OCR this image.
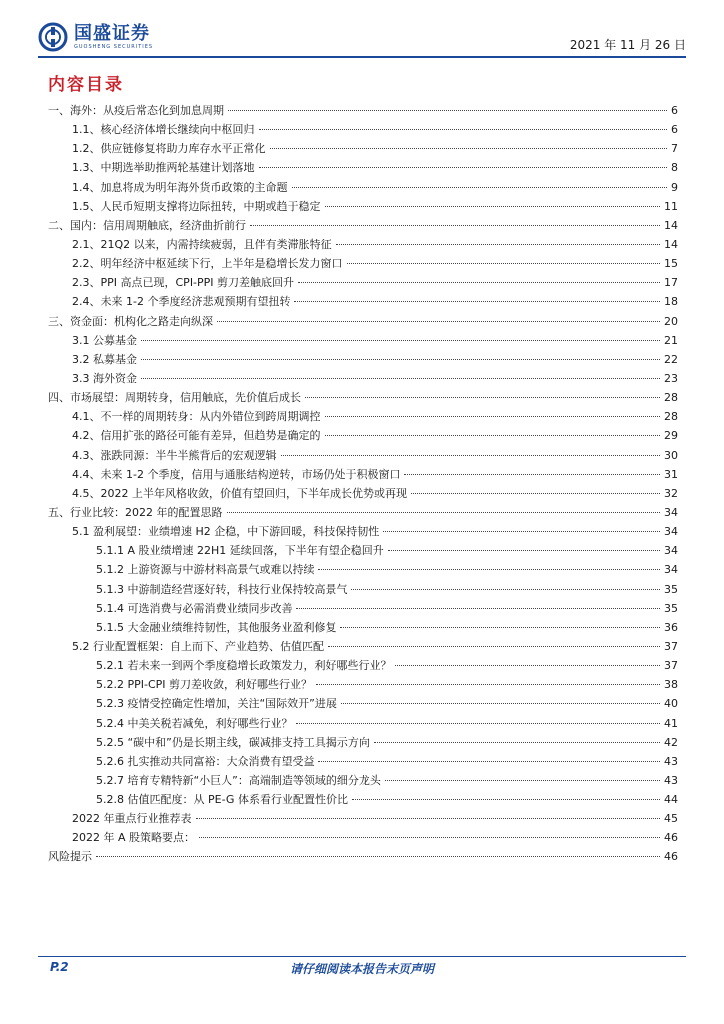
国盛证券
GUOSHENG SECURITIES	2021 年 11 月 26 日
内容目录
一、海外：从疫后常态化到加息周期	6
1.1、核心经济体增长继续向中枢回归	6
1.2、供应链修复将助力库存水平正常化	7
1.3、中期选举助推两轮基建计划落地	8
1.4、加息将成为明年海外货币政策的主命题	9
1.5、人民币短期支撑将边际扭转，中期或趋于稳定	11
二、国内：信用周期触底，经济曲折前行	14
2.1、21Q2 以来，内需持续疲弱，且伴有类滞胀特征	14
2.2、明年经济中枢延续下行，上半年是稳增长发力窗口	15
2.3、PPI 高点已现，CPI-PPI 剪刀差触底回升	17
2.4、未来 1-2 个季度经济悲观预期有望扭转	18
三、资金面：机构化之路走向纵深	20
3.1 公募基金	21
3.2 私募基金	22
3.3 海外资金	23
四、市场展望：周期转身，信用触底，先价值后成长	28
4.1、不一样的周期转身：从内外错位到跨周期调控	28
4.2、信用扩张的路径可能有差异，但趋势是确定的	29
4.3、涨跌同源：半牛半熊背后的宏观逻辑	30
4.4、未来 1-2 个季度，信用与通胀结构逆转，市场仍处于积极窗口	31
4.5、2022 上半年风格收敛，价值有望回归，下半年成长优势或再现	32
五、行业比较：2022 年的配置思路	34
5.1 盈利展望：业绩增速 H2 企稳，中下游回暖，科技保持韧性	34
5.1.1 A 股业绩增速 22H1 延续回落，下半年有望企稳回升	34
5.1.2 上游资源与中游材料高景气或难以持续	34
5.1.3 中游制造经营逐好转，科技行业保持较高景气	35
5.1.4 可选消费与必需消费业绩同步改善	35
5.1.5 大金融业绩维持韧性，其他服务业盈利修复	36
5.2 行业配置框架：自上而下、产业趋势、估值匹配	37
5.2.1 若未来一到两个季度稳增长政策发力，利好哪些行业？	37
5.2.2 PPI-CPI 剪刀差收敛，利好哪些行业？	38
5.2.3 疫情受控确定性增加，关注“国际效开”进展	40
5.2.4 中美关税若减免，利好哪些行业？	41
5.2.5 “碳中和”仍是长期主线，碳减排支持工具揭示方向	42
5.2.6 扎实推动共同富裕：大众消费有望受益	43
5.2.7 培育专精特新“小巨人”：高端制造等领域的细分龙头	43
5.2.8 估值匹配度：从 PE-G 体系看行业配置性价比	44
2022 年重点行业推荐表	45
2022 年 A 股策略要点：	46
风险提示	46
P.2	请仔细阅读本报告末页声明
